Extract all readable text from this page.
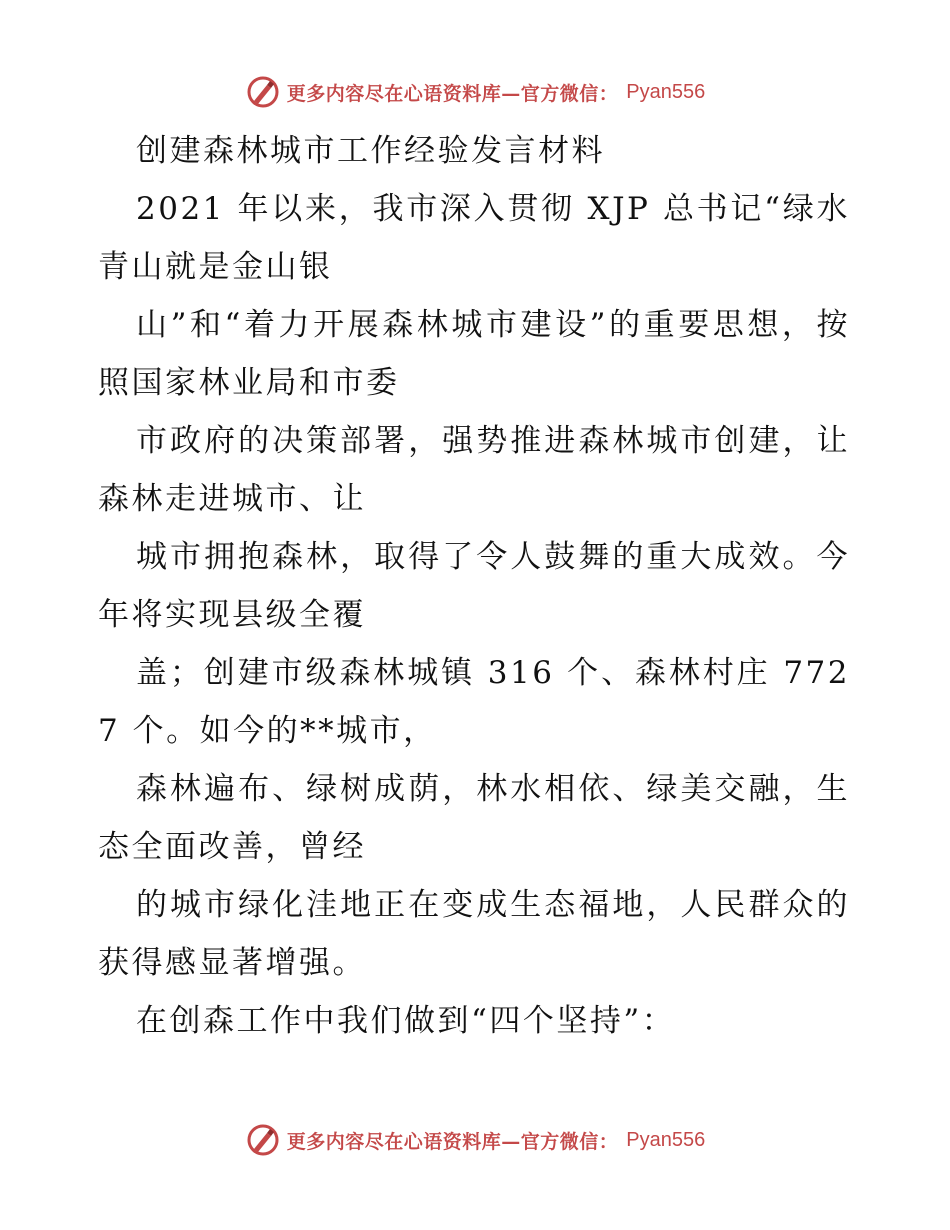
更多内容尽在心语资料库—官方微信： Pyan556

创建森林城市工作经验发言材料

2021 年以来，我市深入贯彻 XJP 总书记“绿水青山就是金山银

山”和“着力开展森林城市建设”的重要思想，按照国家林业局和市委

市政府的决策部署，强势推进森林城市创建，让森林走进城市、让

城市拥抱森林，取得了令人鼓舞的重大成效。今年将实现县级全覆

盖；创建市级森林城镇 316 个、森林村庄 7727 个。如今的**城市，

森林遍布、绿树成荫，林水相依、绿美交融，生态全面改善，曾经

的城市绿化洼地正在变成生态福地，人民群众的获得感显著增强。

在创森工作中我们做到“四个坚持”：

更多内容尽在心语资料库—官方微信： Pyan556
